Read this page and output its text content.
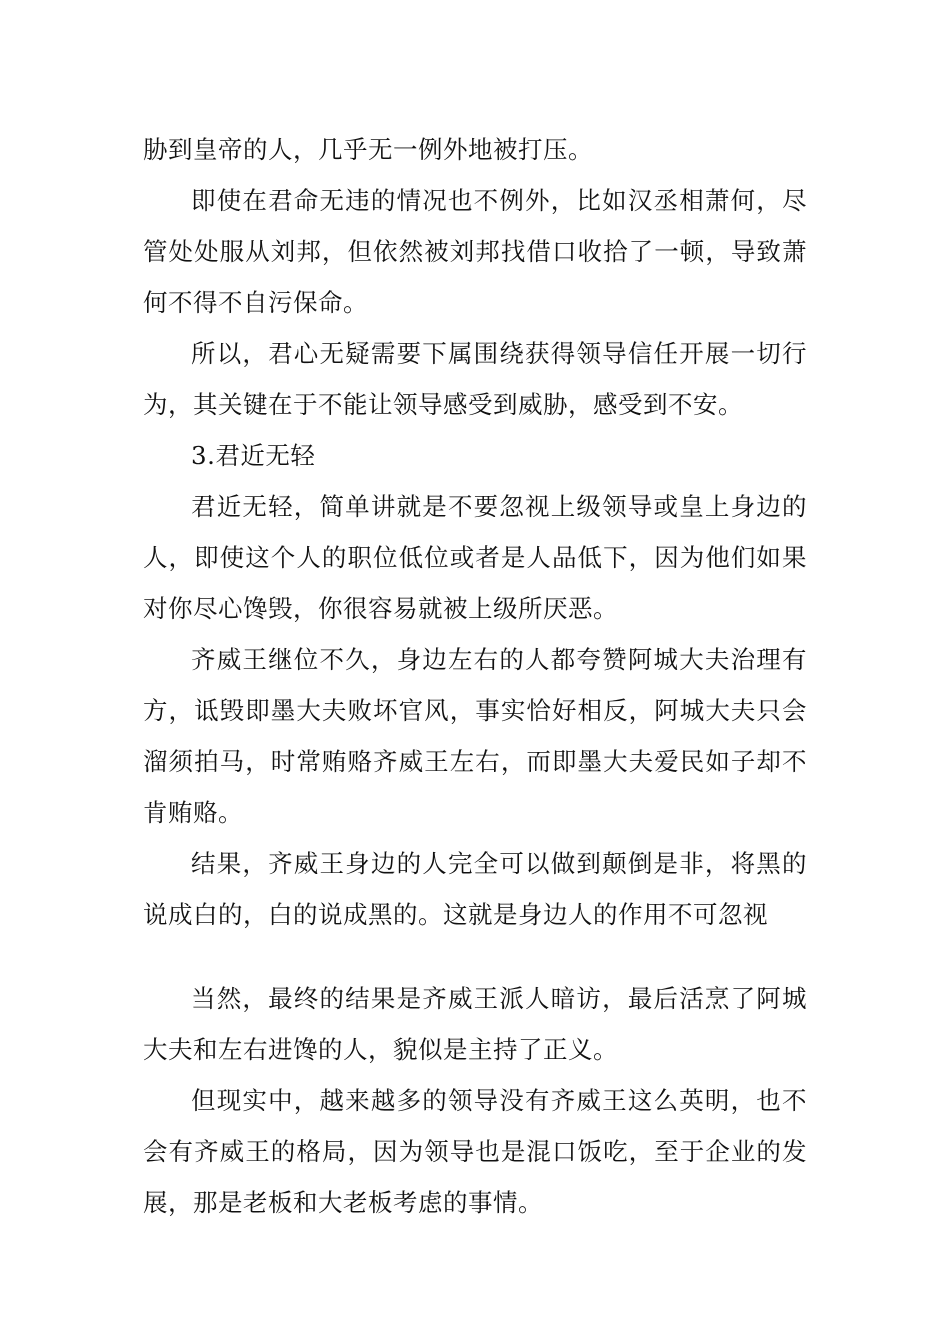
胁到皇帝的人，几乎无一例外地被打压。

即使在君命无违的情况也不例外，比如汉丞相萧何，尽管处处服从刘邦，但依然被刘邦找借口收拾了一顿，导致萧何不得不自污保命。

所以，君心无疑需要下属围绕获得领导信任开展一切行为，其关键在于不能让领导感受到威胁，感受到不安。

3.君近无轻

君近无轻，简单讲就是不要忽视上级领导或皇上身边的人，即使这个人的职位低位或者是人品低下，因为他们如果对你尽心馋毁，你很容易就被上级所厌恶。

齐威王继位不久，身边左右的人都夸赞阿城大夫治理有方，诋毁即墨大夫败坏官风，事实恰好相反，阿城大夫只会溜须拍马，时常贿赂齐威王左右，而即墨大夫爱民如子却不肯贿赂。

结果，齐威王身边的人完全可以做到颠倒是非，将黑的说成白的，白的说成黑的。这就是身边人的作用不可忽视

当然，最终的结果是齐威王派人暗访，最后活烹了阿城大夫和左右进馋的人，貌似是主持了正义。

但现实中，越来越多的领导没有齐威王这么英明，也不会有齐威王的格局，因为领导也是混口饭吃，至于企业的发展，那是老板和大老板考虑的事情。
